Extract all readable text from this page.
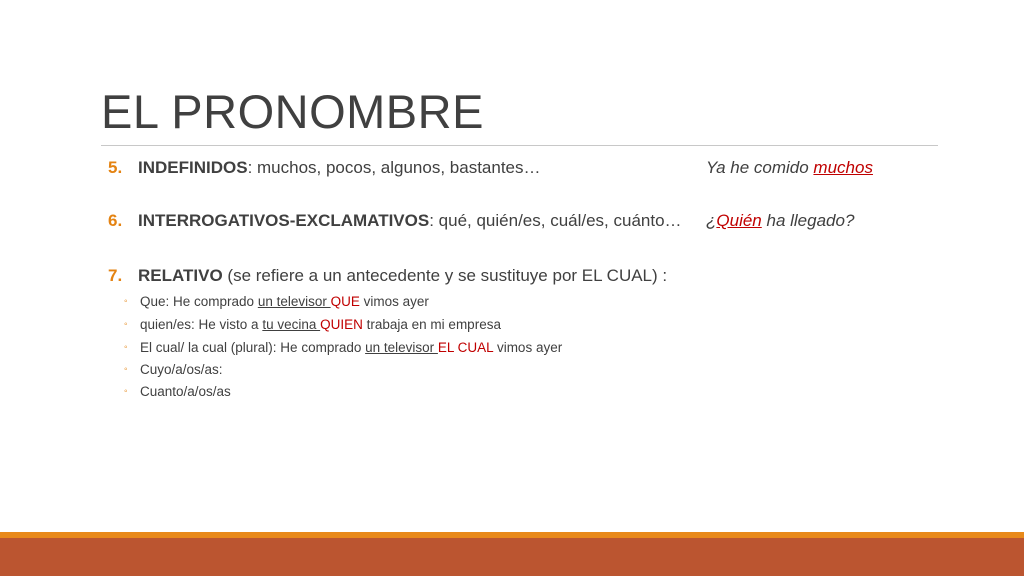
EL PRONOMBRE
5. INDEFINIDOS: muchos, pocos, algunos, bastantes…	Ya he comido muchos
6. INTERROGATIVOS-EXCLAMATIVOS: qué, quién/es, cuál/es, cuánto… ¿Quién ha llegado?
7. RELATIVO (se refiere a un antecedente y se sustituye por EL CUAL) :
◦ Que: He comprado un televisor QUE vimos ayer
◦ quien/es: He visto a tu vecina QUIEN trabaja en mi empresa
◦ El cual/ la cual (plural): He comprado un televisor EL CUAL vimos ayer
◦ Cuyo/a/os/as:
◦ Cuanto/a/os/as
